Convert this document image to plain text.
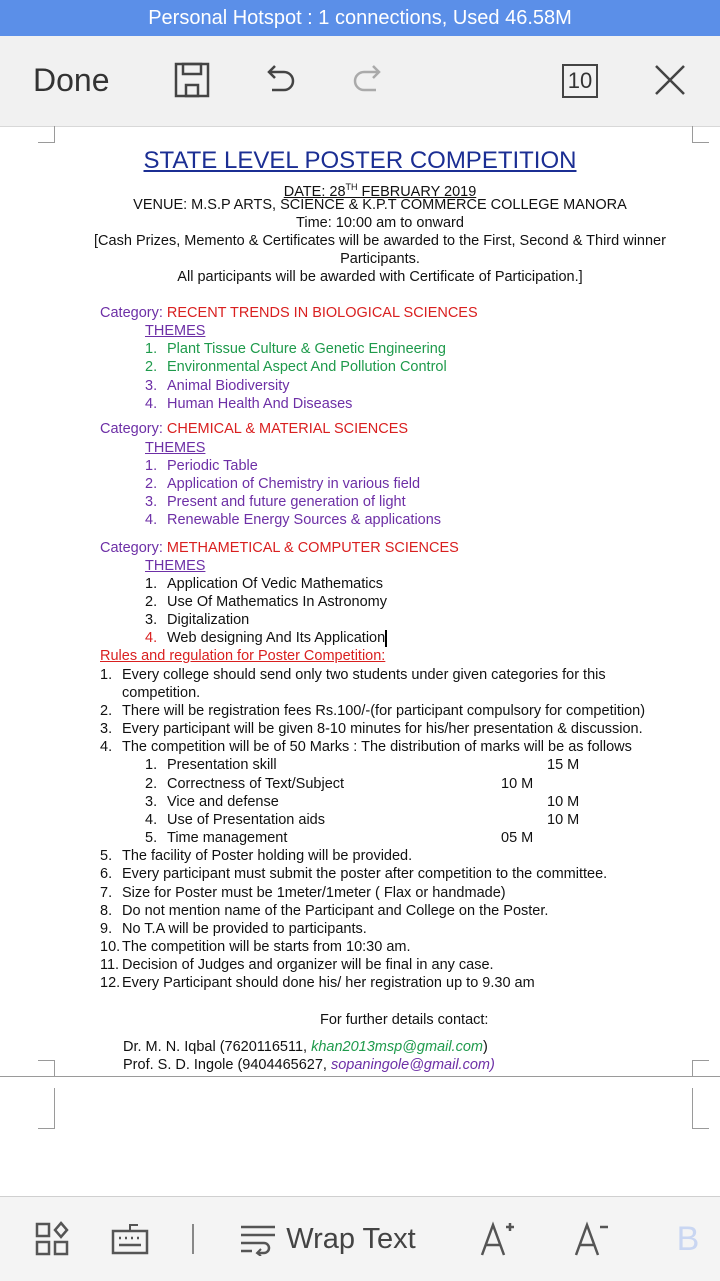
Personal Hotspot : 1 connections, Used 46.58M
Done	10
STATE LEVEL POSTER COMPETITION
DATE: 28TH FEBRUARY 2019
VENUE: M.S.P ARTS, SCIENCE & K.P.T COMMERCE COLLEGE MANORA
Time: 10:00 am to onward
[Cash Prizes, Memento & Certificates will be awarded to the First, Second & Third winner
Participants.
All participants will be awarded with Certificate of Participation.]
Category: RECENT TRENDS IN BIOLOGICAL SCIENCES
THEMES
1. Plant Tissue Culture & Genetic Engineering
2. Environmental Aspect And Pollution Control
3. Animal Biodiversity
4. Human Health And Diseases
Category: CHEMICAL & MATERIAL SCIENCES
THEMES
1. Periodic Table
2. Application of Chemistry in various field
3. Present and future generation of light
4. Renewable Energy Sources & applications
Category: METHAMETICAL & COMPUTER SCIENCES
THEMES
1. Application Of Vedic Mathematics
2. Use Of Mathematics In Astronomy
3. Digitalization
4. Web designing And Its Application
Rules and regulation for Poster Competition:
1. Every college should send only two students under given categories for this
competition.
2. There will be registration fees Rs.100/-(for participant compulsory for competition)
3. Every participant will be given 8-10 minutes for his/her presentation & discussion.
4. The competition will be of 50 Marks : The distribution of marks will be as follows
1. Presentation skill	15 M
2. Correctness of Text/Subject	10 M
3. Vice and defense	10 M
4. Use of Presentation aids	10 M
5. Time management	05 M
5. The facility of Poster holding will be provided.
6. Every participant must submit the poster after competition to the committee.
7. Size for Poster must be 1meter/1meter ( Flax or handmade)
8. Do not mention name of the Participant and College on the Poster.
9. No T.A will be provided to participants.
10. The competition will be starts from 10:30 am.
11. Decision of Judges and organizer will be final in any case.
12. Every Participant should done his/ her registration up to 9.30 am
For further details contact:
Dr. M. N. Iqbal (7620116511, khan2013msp@gmail.com)
Prof. S. D. Ingole (9404465627, sopaningole@gmail.com)
Wrap Text	B
